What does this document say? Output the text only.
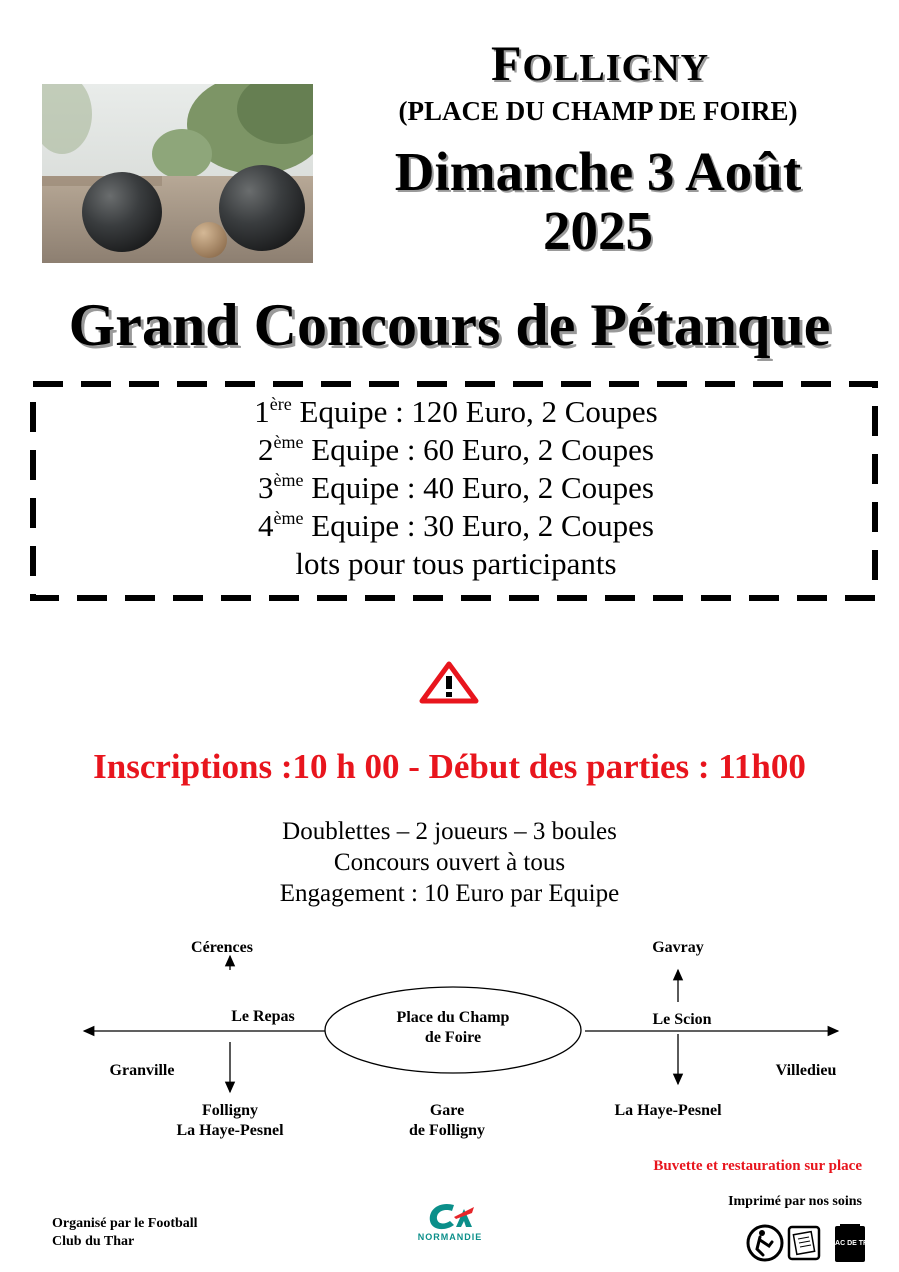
FOLLIGNY
(PLACE DU CHAMP DE FOIRE)
Dimanche 3 Août
2025
Grand Concours de Pétanque
1ère Equipe : 120 Euro, 2 Coupes
2ème Equipe : 60 Euro, 2 Coupes
3ème Equipe : 40 Euro, 2 Coupes
4ème Equipe : 30 Euro, 2 Coupes
lots pour tous participants
Inscriptions :10 h 00 - Début des parties : 11h00
Doublettes – 2 joueurs – 3 boules
Concours ouvert à tous
Engagement : 10 Euro par Equipe
Cérences
Le Repas
Granville
Folligny
La Haye-Pesnel
Place du Champ
de Foire
Gare
de Folligny
Gavray
Le Scion
Villedieu
La Haye-Pesnel
Buvette et restauration sur place
Imprimé par nos soins
Organisé par le Football
Club du Thar	NORMANDIE
BAC DE TRI
